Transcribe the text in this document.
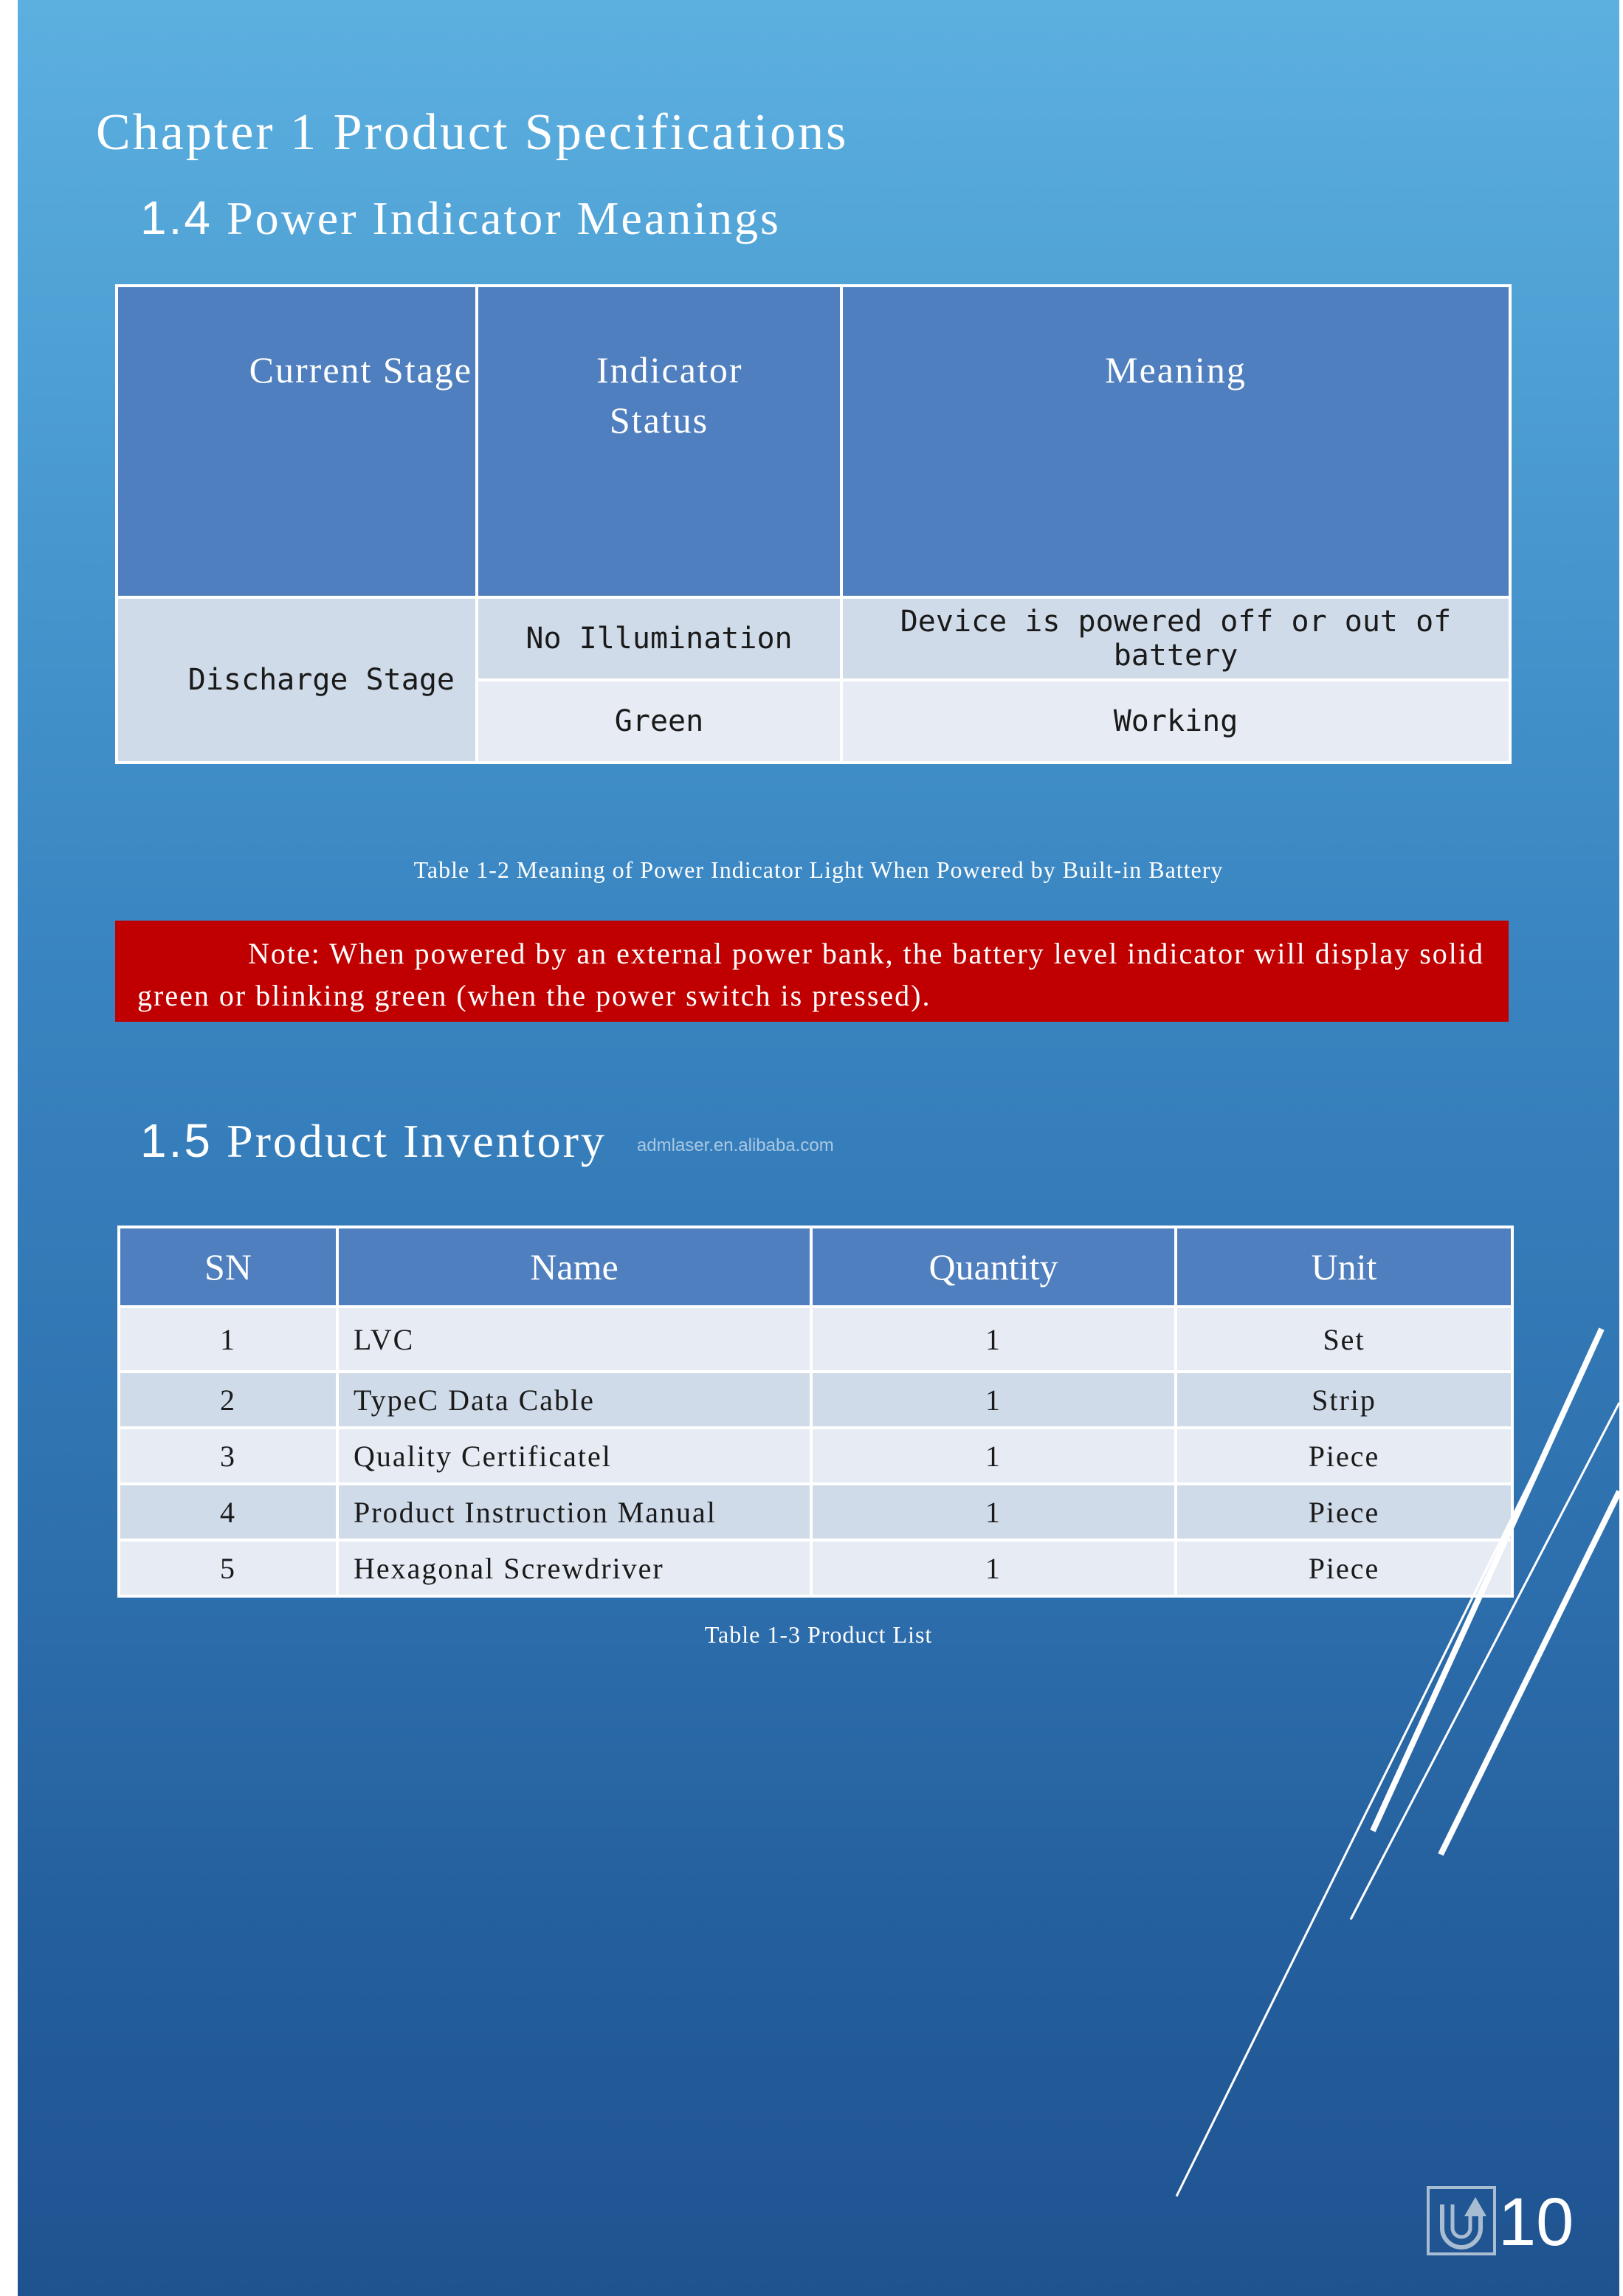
Chapter 1 Product Specifications
1.4 Power Indicator Meanings
Current Stage	Indicator Status	Meaning
Discharge Stage	No Illumination	Device is powered off or out of battery
	Green	Working
Table 1-2 Meaning of Power Indicator Light When Powered by Built-in Battery
Note: When powered by an external power bank, the battery level indicator will display solid green or blinking green (when the power switch is pressed).
1.5 Product Inventory admlaser.en.alibaba.com
SN	Name	Quantity	Unit
1	LVC	1	Set
2	TypeC Data Cable	1	Strip
3	Quality Certificatel	1	Piece
4	Product Instruction Manual	1	Piece
5	Hexagonal Screwdriver	1	Piece
Table 1-3 Product List
10
